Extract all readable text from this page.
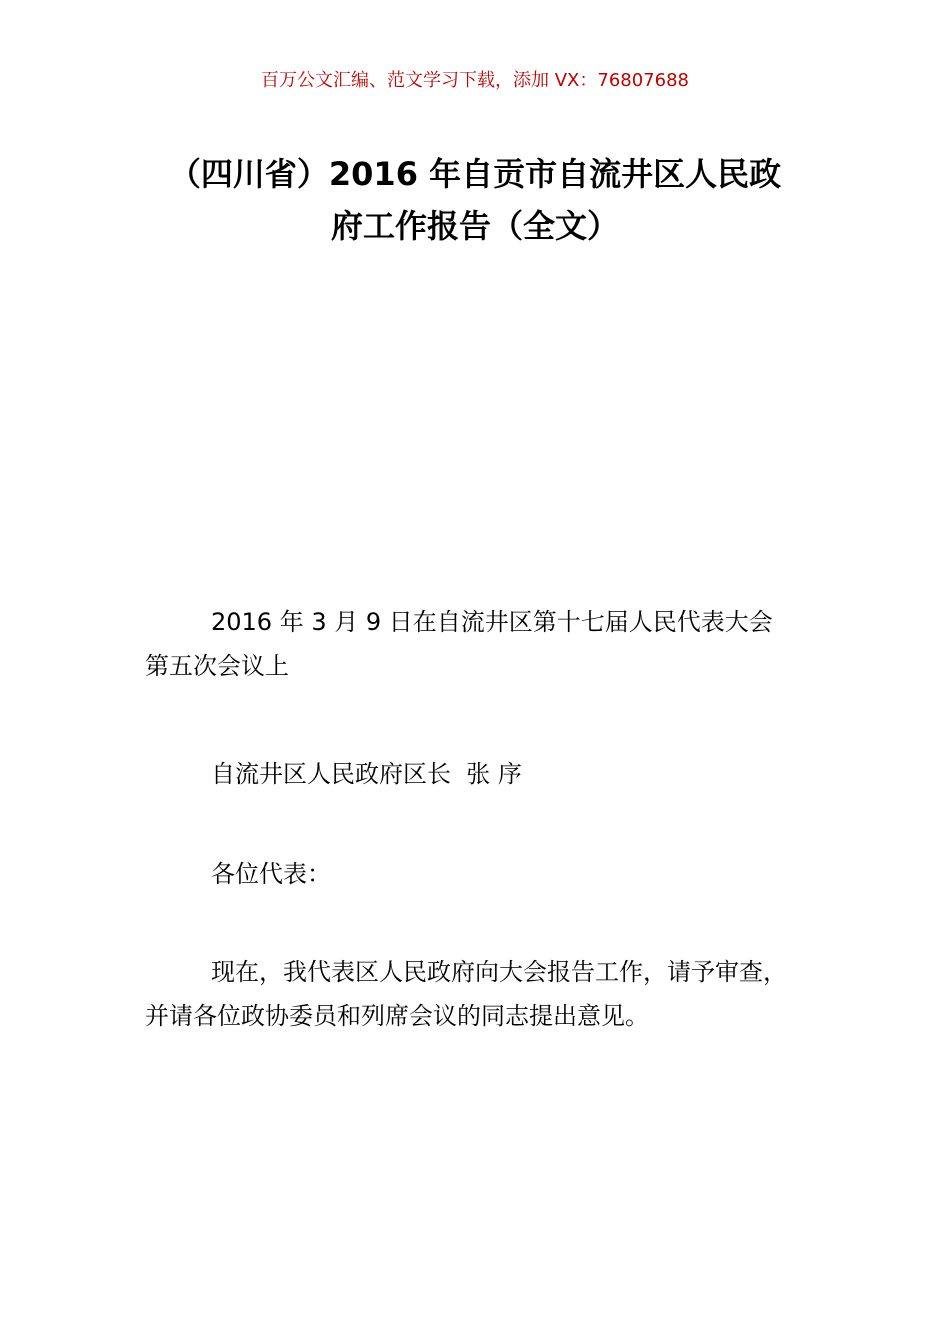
百万公文汇编、范文学习下载，添加 VX：76807688
（四川省）2016 年自贡市自流井区人民政
府工作报告（全文）

2016 年 3 月 9 日在自流井区第十七届人民代表大会
第五次会议上

自流井区人民政府区长  张 序

各位代表：

现在，我代表区人民政府向大会报告工作，请予审查，
并请各位政协委员和列席会议的同志提出意见。
